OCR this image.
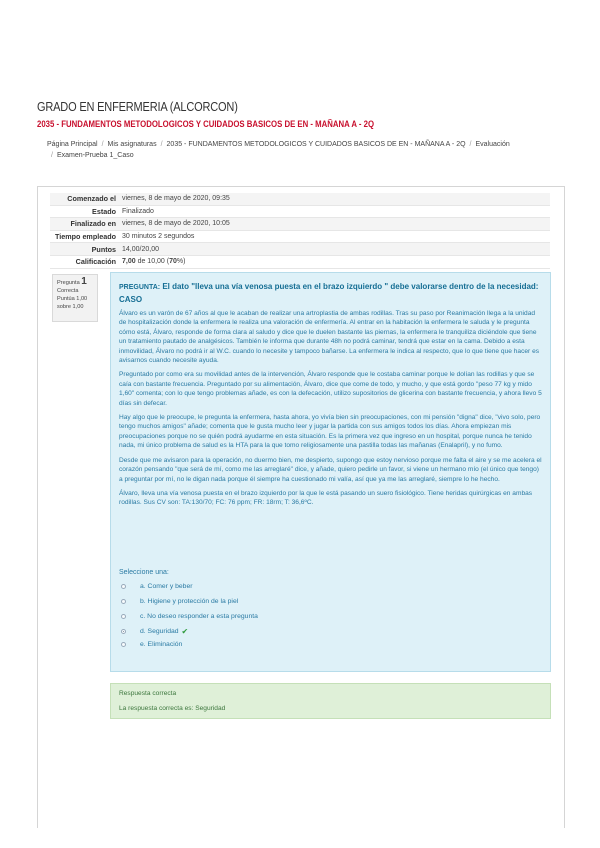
GRADO EN ENFERMERIA (ALCORCON)
2035 - FUNDAMENTOS METODOLOGICOS Y CUIDADOS BASICOS DE EN - MAÑANA A - 2Q
Página Principal / Mis asignaturas / 2035 - FUNDAMENTOS METODOLOGICOS Y CUIDADOS BASICOS DE EN - MAÑANA A - 2Q / Evaluación
/ Examen-Prueba 1_Caso
Comenzado el viernes, 8 de mayo de 2020, 09:35
Estado Finalizado
Finalizado en viernes, 8 de mayo de 2020, 10:05
Tiempo empleado 30 minutos 2 segundos
Puntos 14,00/20,00
Calificación 7,00 de 10,00 (70%)
Pregunta 1
Correcta
Puntúa 1,00
sobre 1,00
PREGUNTA: El dato "lleva una vía venosa puesta en el brazo izquierdo " debe valorarse dentro de la necesidad:
CASO

Álvaro es un varón de 67 años al que le acaban de realizar una artroplastia de ambas rodillas. Tras su paso por Reanimación llega a la unidad de hospitalización donde la enfermera le realiza una valoración de enfermería. Al entrar en la habitación la enfermera le saluda y le pregunta cómo está, Álvaro, responde de forma clara al saludo y dice que le duelen bastante las piernas, la enfermera le tranquiliza diciéndole que tiene un tratamiento pautado de analgésicos. También le informa que durante 48h no podrá caminar, tendrá que estar en la cama. Debido a esta inmovilidad, Álvaro no podrá ir al W.C. cuando lo necesite y tampoco bañarse. La enfermera le indica al respecto, que lo que tiene que hacer es avisarnos cuando necesite ayuda.

Preguntado por como era su movilidad antes de la intervención, Álvaro responde que le costaba caminar porque le dolían las rodillas y que se caía con bastante frecuencia. Preguntado por su alimentación, Álvaro, dice que come de todo, y mucho, y que está gordo "peso 77 kg y mido 1,60" comenta; con lo que tengo problemas añade, es con la defecación, utilizo supositorios de glicerina con bastante frecuencia, y ahora llevo 5 días sin defecar.

Hay algo que le preocupe, le pregunta la enfermera, hasta ahora, yo vivía bien sin preocupaciones, con mi pensión "digna" dice, "vivo solo, pero tengo muchos amigos" añade; comenta que le gusta mucho leer y jugar la partida con sus amigos todos los días. Ahora empiezan mis preocupaciones porque no se quién podrá ayudarme en esta situación. Es la primera vez que ingreso en un hospital, porque nunca he tenido nada, mi único problema de salud es la HTA para la que tomo religiosamente una pastilla todas las mañanas (Enalapril), y no fumo.

Desde que me avisaron para la operación, no duermo bien, me despierto, supongo que estoy nervioso porque me falta el aire y se me acelera el corazón pensando "que será de mí, como me las arreglaré" dice, y añade, quiero pedirle un favor, si viene un hermano mío (el único que tengo) a preguntar por mí, no le digan nada porque él siempre ha cuestionado mi valía, así que ya me las arreglaré, siempre lo he hecho.

Álvaro, lleva una vía venosa puesta en el brazo izquierdo por la que le está pasando un suero fisiológico. Tiene heridas quirúrgicas en ambas rodillas. Sus CV son: TA:130/70; FC: 76 ppm; FR: 18rm; T: 36,6ºC.

Seleccione una:
a. Comer y beber
b. Higiene y protección de la piel
c. No deseo responder a esta pregunta
d. Seguridad ✔
e. Eliminación
Respuesta correcta
La respuesta correcta es: Seguridad
